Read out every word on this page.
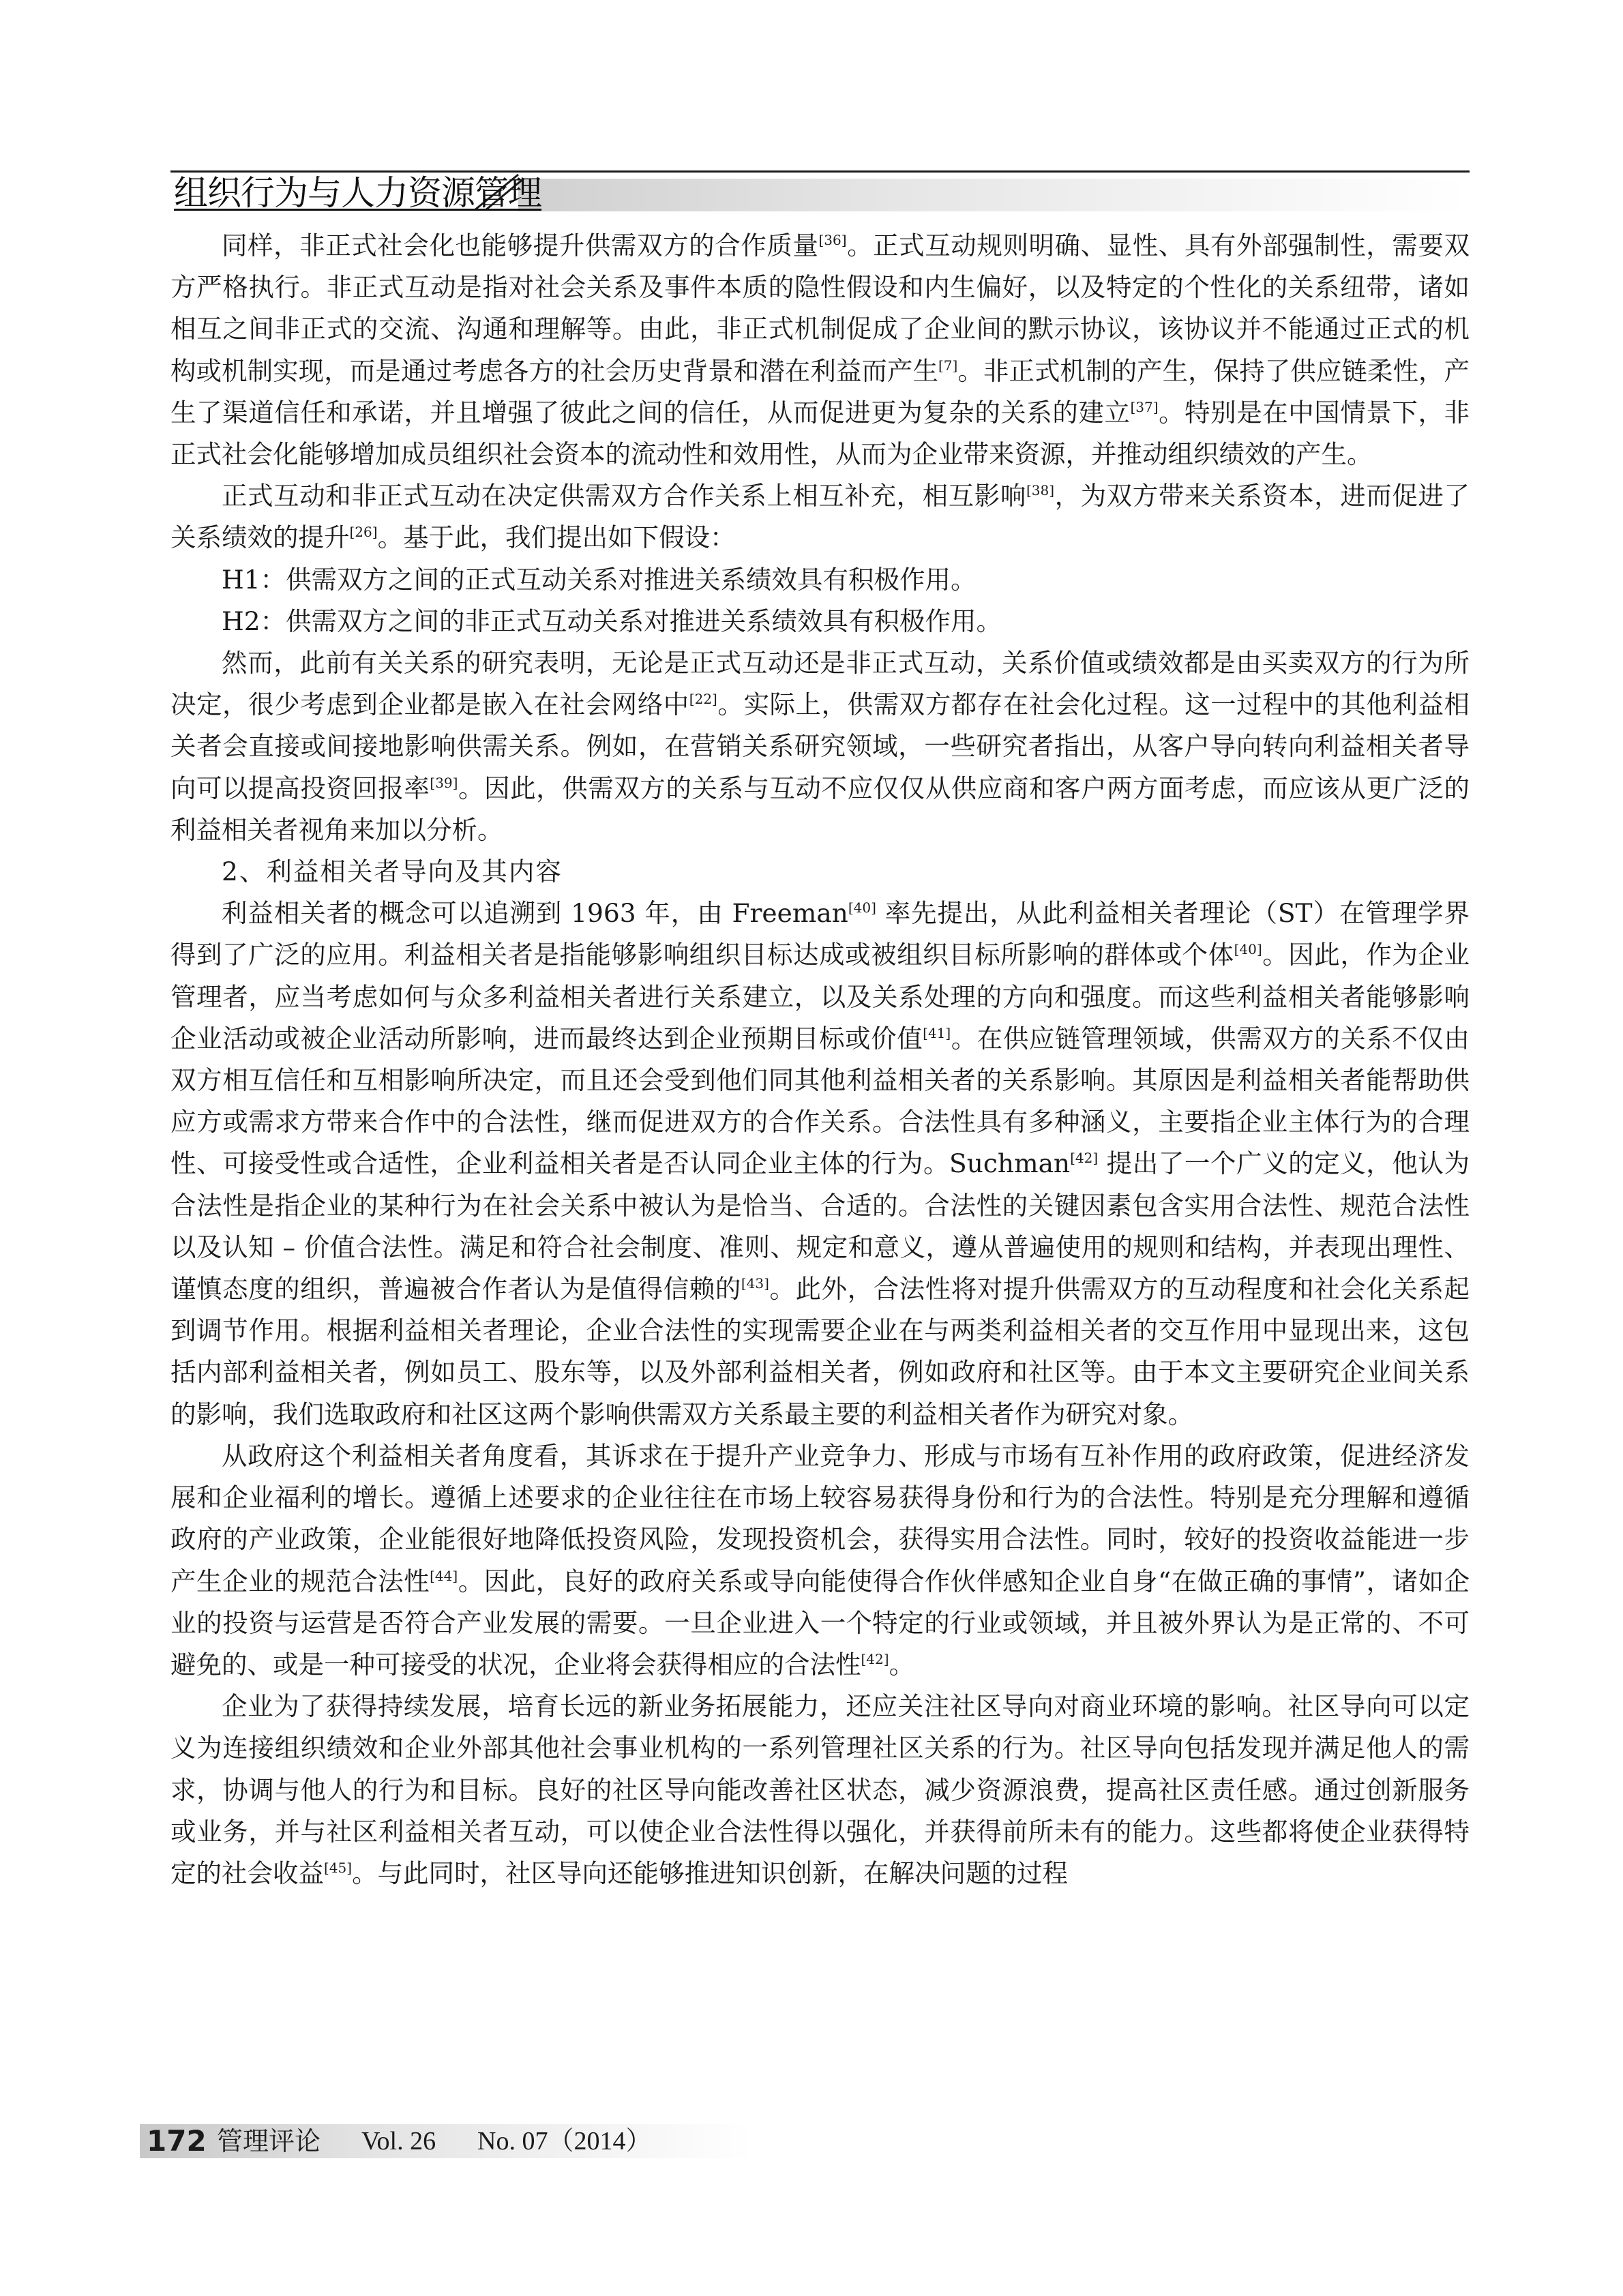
组织行为与人力资源管理

同样，非正式社会化也能够提升供需双方的合作质量[36]。正式互动规则明确、显性、具有外部强制性，需要双方严格执行。非正式互动是指对社会关系及事件本质的隐性假设和内生偏好，以及特定的个性化的关系纽带，诸如相互之间非正式的交流、沟通和理解等。由此，非正式机制促成了企业间的默示协议，该协议并不能通过正式的机构或机制实现，而是通过考虑各方的社会历史背景和潜在利益而产生[7]。非正式机制的产生，保持了供应链柔性，产生了渠道信任和承诺，并且增强了彼此之间的信任，从而促进更为复杂的关系的建立[37]。特别是在中国情景下，非正式社会化能够增加成员组织社会资本的流动性和效用性，从而为企业带来资源，并推动组织绩效的产生。

正式互动和非正式互动在决定供需双方合作关系上相互补充，相互影响[38]，为双方带来关系资本，进而促进了关系绩效的提升[26]。基于此，我们提出如下假设：

H1：供需双方之间的正式互动关系对推进关系绩效具有积极作用。

H2：供需双方之间的非正式互动关系对推进关系绩效具有积极作用。

然而，此前有关关系的研究表明，无论是正式互动还是非正式互动，关系价值或绩效都是由买卖双方的行为所决定，很少考虑到企业都是嵌入在社会网络中[22]。实际上，供需双方都存在社会化过程。这一过程中的其他利益相关者会直接或间接地影响供需关系。例如，在营销关系研究领域，一些研究者指出，从客户导向转向利益相关者导向可以提高投资回报率[39]。因此，供需双方的关系与互动不应仅仅从供应商和客户两方面考虑，而应该从更广泛的利益相关者视角来加以分析。

2、利益相关者导向及其内容

利益相关者的概念可以追溯到 1963 年，由 Freeman[40] 率先提出，从此利益相关者理论（ST）在管理学界得到了广泛的应用。利益相关者是指能够影响组织目标达成或被组织目标所影响的群体或个体[40]。因此，作为企业管理者，应当考虑如何与众多利益相关者进行关系建立，以及关系处理的方向和强度。而这些利益相关者能够影响企业活动或被企业活动所影响，进而最终达到企业预期目标或价值[41]。在供应链管理领域，供需双方的关系不仅由双方相互信任和互相影响所决定，而且还会受到他们同其他利益相关者的关系影响。其原因是利益相关者能帮助供应方或需求方带来合作中的合法性，继而促进双方的合作关系。合法性具有多种涵义，主要指企业主体行为的合理性、可接受性或合适性，企业利益相关者是否认同企业主体的行为。Suchman[42] 提出了一个广义的定义，他认为合法性是指企业的某种行为在社会关系中被认为是恰当、合适的。合法性的关键因素包含实用合法性、规范合法性以及认知 – 价值合法性。满足和符合社会制度、准则、规定和意义，遵从普遍使用的规则和结构，并表现出理性、谨慎态度的组织，普遍被合作者认为是值得信赖的[43]。此外，合法性将对提升供需双方的互动程度和社会化关系起到调节作用。根据利益相关者理论，企业合法性的实现需要企业在与两类利益相关者的交互作用中显现出来，这包括内部利益相关者，例如员工、股东等，以及外部利益相关者，例如政府和社区等。由于本文主要研究企业间关系的影响，我们选取政府和社区这两个影响供需双方关系最主要的利益相关者作为研究对象。

从政府这个利益相关者角度看，其诉求在于提升产业竞争力、形成与市场有互补作用的政府政策，促进经济发展和企业福利的增长。遵循上述要求的企业往往在市场上较容易获得身份和行为的合法性。特别是充分理解和遵循政府的产业政策，企业能很好地降低投资风险，发现投资机会，获得实用合法性。同时，较好的投资收益能进一步产生企业的规范合法性[44]。因此，良好的政府关系或导向能使得合作伙伴感知企业自身“在做正确的事情”，诸如企业的投资与运营是否符合产业发展的需要。一旦企业进入一个特定的行业或领域，并且被外界认为是正常的、不可避免的、或是一种可接受的状况，企业将会获得相应的合法性[42]。

企业为了获得持续发展，培育长远的新业务拓展能力，还应关注社区导向对商业环境的影响。社区导向可以定义为连接组织绩效和企业外部其他社会事业机构的一系列管理社区关系的行为。社区导向包括发现并满足他人的需求，协调与他人的行为和目标。良好的社区导向能改善社区状态，减少资源浪费，提高社区责任感。通过创新服务或业务，并与社区利益相关者互动，可以使企业合法性得以强化，并获得前所未有的能力。这些都将使企业获得特定的社会收益[45]。与此同时，社区导向还能够推进知识创新，在解决问题的过程

172 管理评论 Vol. 26 No. 07（2014）
